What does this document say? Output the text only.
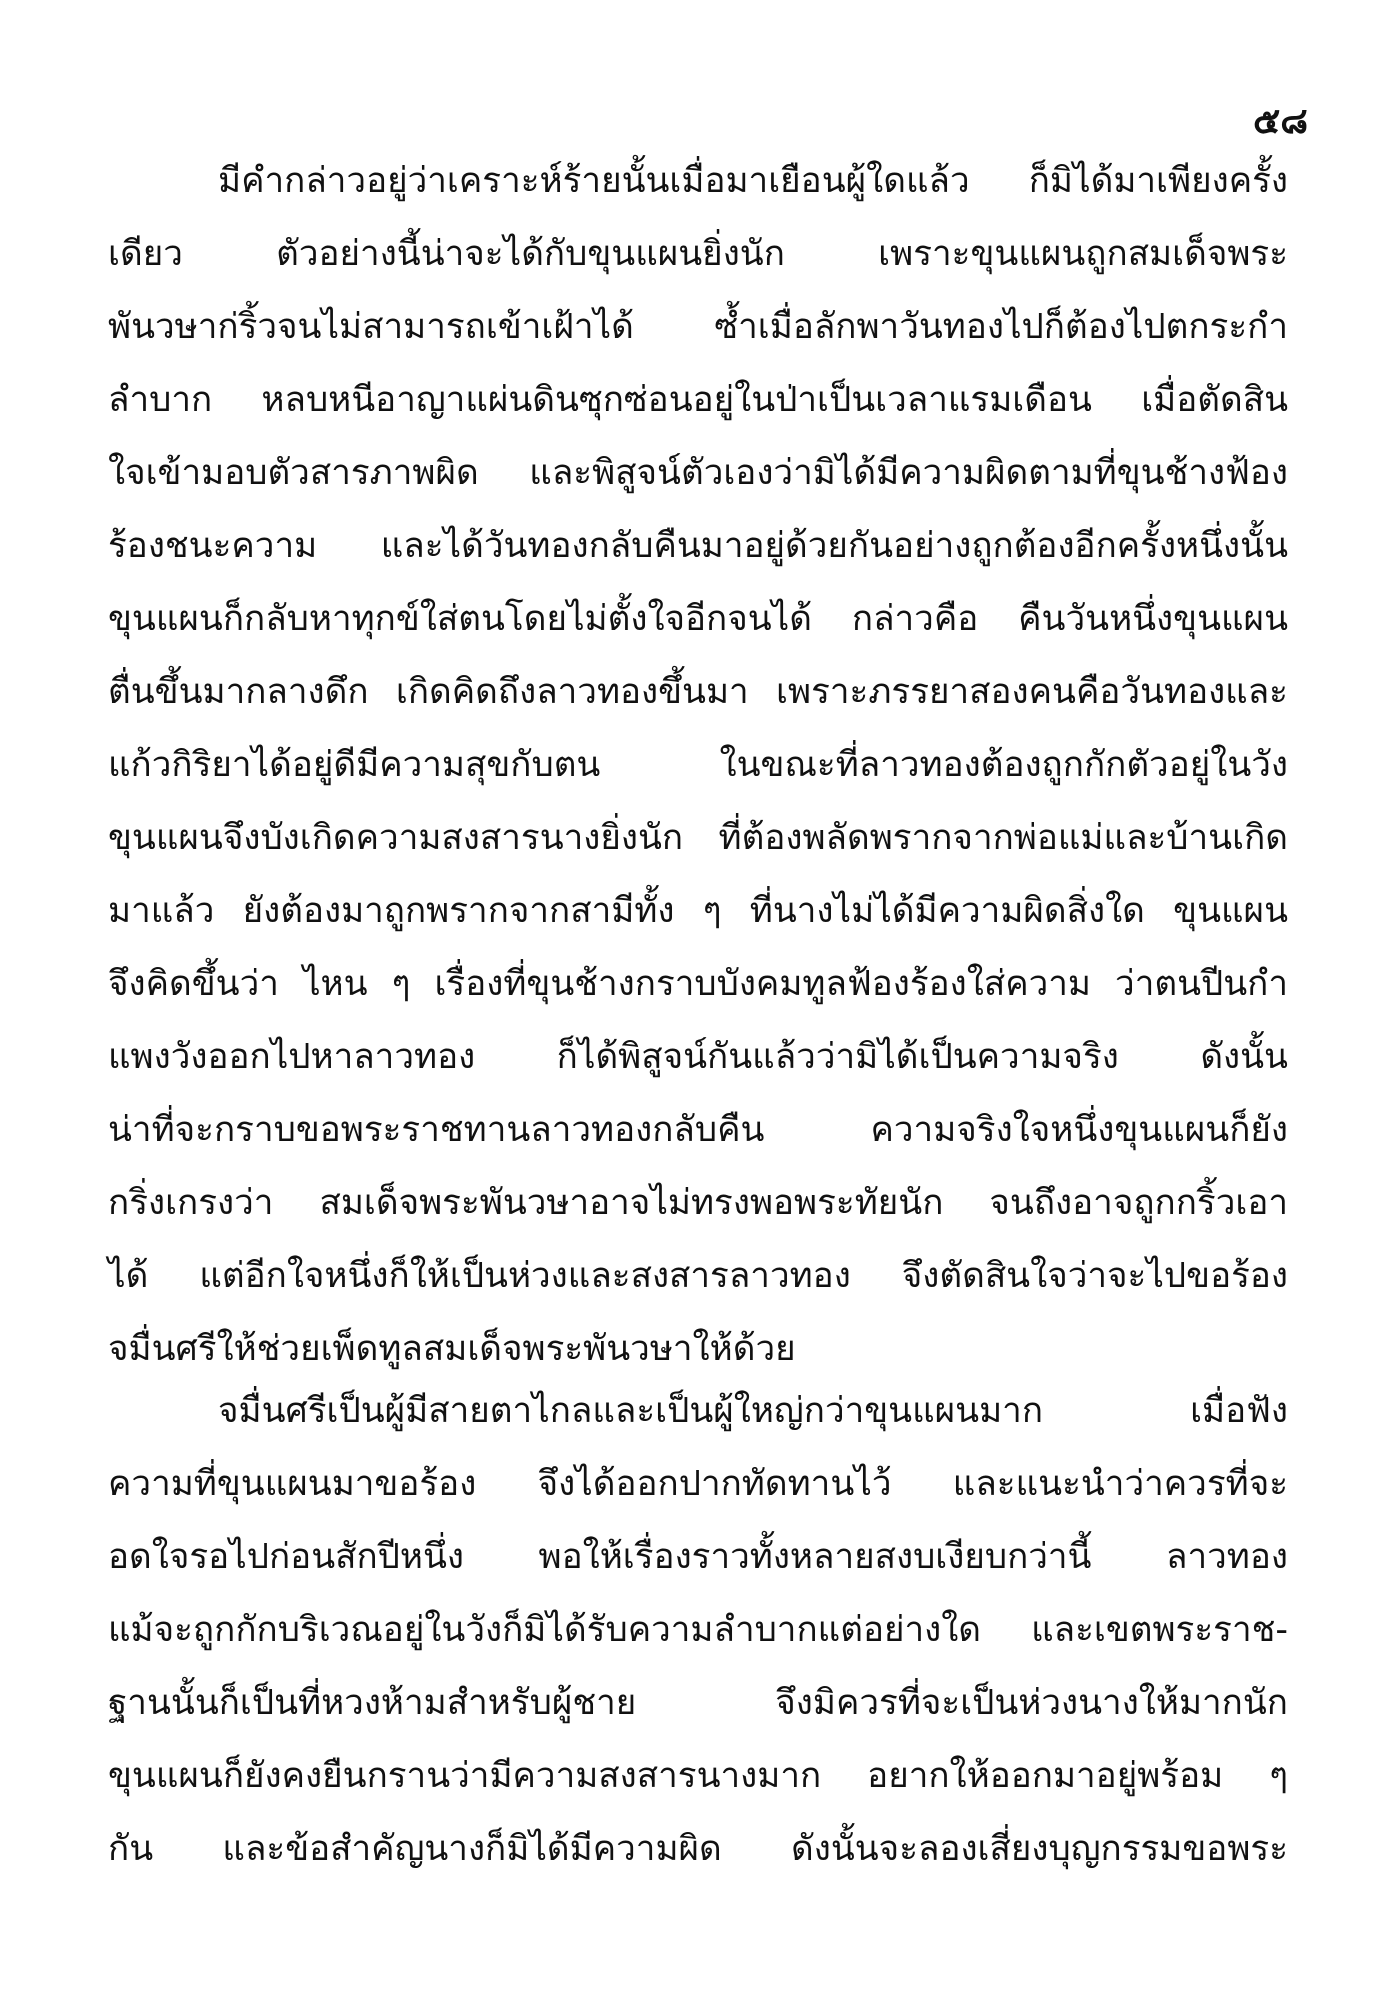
๕๘
มีคำกล่าวอยู่ว่าเคราะห์ร้ายนั้นเมื่อมาเยือนผู้ใดแล้ว ก็มิได้มาเพียงครั้ง
เดียว ตัวอย่างนี้น่าจะได้กับขุนแผนยิ่งนัก เพราะขุนแผนถูกสมเด็จพระ
พันวษาก่ริ้วจนไม่สามารถเข้าเฝ้าได้ ซ้ำเมื่อลักพาวันทองไปก็ต้องไปตกระกำ
ลำบาก หลบหนีอาญาแผ่นดินซุกซ่อนอยู่ในป่าเป็นเวลาแรมเดือน เมื่อตัดสิน
ใจเข้ามอบตัวสารภาพผิด และพิสูจน์ตัวเองว่ามิได้มีความผิดตามที่ขุนช้างฟ้อง
ร้องชนะความ และได้วันทองกลับคืนมาอยู่ด้วยกันอย่างถูกต้องอีกครั้งหนึ่งนั้น
ขุนแผนก็กลับหาทุกข์ใส่ตนโดยไม่ตั้งใจอีกจนได้ กล่าวคือ คืนวันหนึ่งขุนแผน
ตื่นขึ้นมากลางดึก เกิดคิดถึงลาวทองขึ้นมา เพราะภรรยาสองคนคือวันทองและ
แก้วกิริยาได้อยู่ดีมีความสุขกับตน ในขณะที่ลาวทองต้องถูกกักตัวอยู่ในวัง
ขุนแผนจึงบังเกิดความสงสารนางยิ่งนัก ที่ต้องพลัดพรากจากพ่อแม่และบ้านเกิด
มาแล้ว ยังต้องมาถูกพรากจากสามีทั้ง ๆ ที่นางไม่ได้มีความผิดสิ่งใด ขุนแผน
จึงคิดขึ้นว่า ไหน ๆ เรื่องที่ขุนช้างกราบบังคมทูลฟ้องร้องใส่ความ ว่าตนปีนกำ
แพงวังออกไปหาลาวทอง ก็ได้พิสูจน์กันแล้วว่ามิได้เป็นความจริง ดังนั้น
น่าที่จะกราบขอพระราชทานลาวทองกลับคืน ความจริงใจหนึ่งขุนแผนก็ยัง
กริ่งเกรงว่า สมเด็จพระพันวษาอาจไม่ทรงพอพระทัยนัก จนถึงอาจถูกกริ้วเอา
ได้ แต่อีกใจหนึ่งก็ให้เป็นห่วงและสงสารลาวทอง จึงตัดสินใจว่าจะไปขอร้อง
จมื่นศรีให้ช่วยเพ็ดทูลสมเด็จพระพันวษาให้ด้วย
จมื่นศรีเป็นผู้มีสายตาไกลและเป็นผู้ใหญ่กว่าขุนแผนมาก เมื่อฟัง
ความที่ขุนแผนมาขอร้อง จึงได้ออกปากทัดทานไว้ และแนะนำว่าควรที่จะ
อดใจรอไปก่อนสักปีหนึ่ง พอให้เรื่องราวทั้งหลายสงบเงียบกว่านี้ ลาวทอง
แม้จะถูกกักบริเวณอยู่ในวังก็มิได้รับความลำบากแต่อย่างใด และเขตพระราช-
ฐานนั้นก็เป็นที่หวงห้ามสำหรับผู้ชาย จึงมิควรที่จะเป็นห่วงนางให้มากนัก
ขุนแผนก็ยังคงยืนกรานว่ามีความสงสารนางมาก อยากให้ออกมาอยู่พร้อม ๆ
กัน และข้อสำคัญนางก็มิได้มีความผิด ดังนั้นจะลองเสี่ยงบุญกรรมขอพระ
